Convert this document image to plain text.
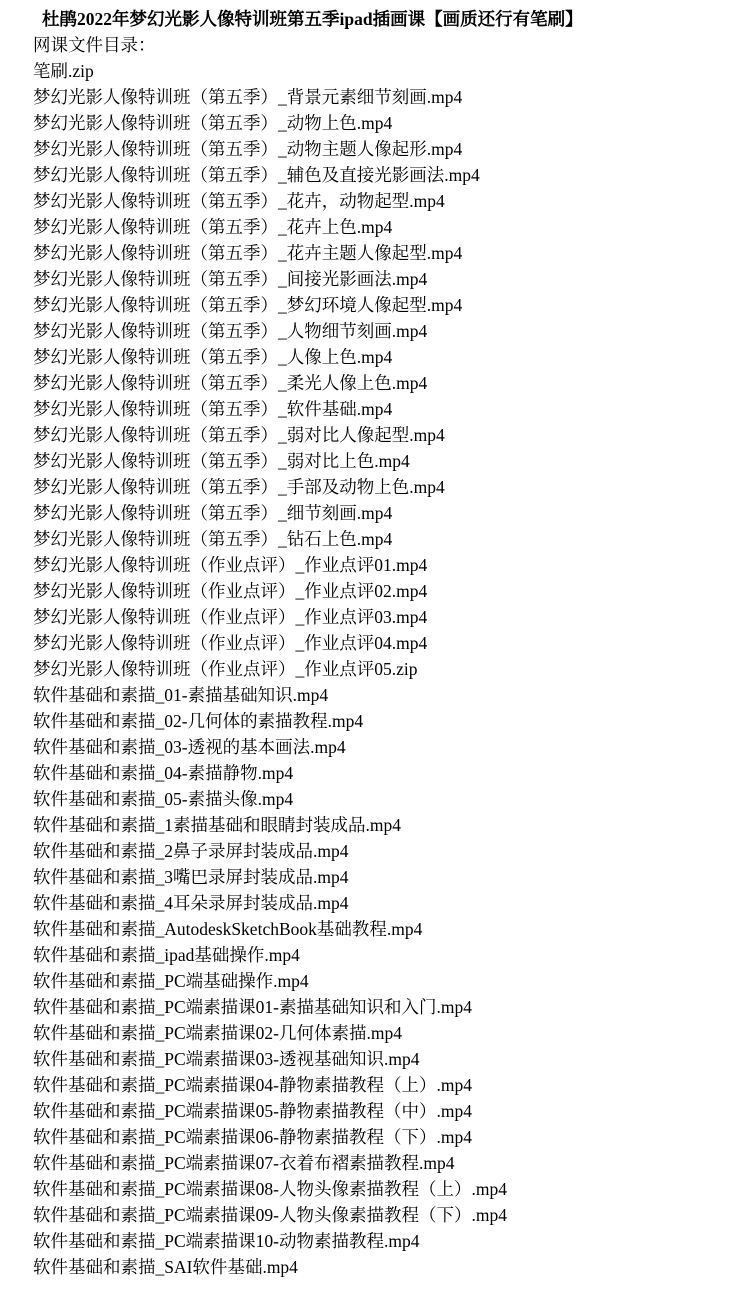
杜鹃2022年梦幻光影人像特训班第五季ipad插画课【画质还行有笔刷】
网课文件目录：
笔刷.zip
梦幻光影人像特训班（第五季）_背景元素细节刻画.mp4
梦幻光影人像特训班（第五季）_动物上色.mp4
梦幻光影人像特训班（第五季）_动物主题人像起形.mp4
梦幻光影人像特训班（第五季）_辅色及直接光影画法.mp4
梦幻光影人像特训班（第五季）_花卉，动物起型.mp4
梦幻光影人像特训班（第五季）_花卉上色.mp4
梦幻光影人像特训班（第五季）_花卉主题人像起型.mp4
梦幻光影人像特训班（第五季）_间接光影画法.mp4
梦幻光影人像特训班（第五季）_梦幻环境人像起型.mp4
梦幻光影人像特训班（第五季）_人物细节刻画.mp4
梦幻光影人像特训班（第五季）_人像上色.mp4
梦幻光影人像特训班（第五季）_柔光人像上色.mp4
梦幻光影人像特训班（第五季）_软件基础.mp4
梦幻光影人像特训班（第五季）_弱对比人像起型.mp4
梦幻光影人像特训班（第五季）_弱对比上色.mp4
梦幻光影人像特训班（第五季）_手部及动物上色.mp4
梦幻光影人像特训班（第五季）_细节刻画.mp4
梦幻光影人像特训班（第五季）_钻石上色.mp4
梦幻光影人像特训班（作业点评）_作业点评01.mp4
梦幻光影人像特训班（作业点评）_作业点评02.mp4
梦幻光影人像特训班（作业点评）_作业点评03.mp4
梦幻光影人像特训班（作业点评）_作业点评04.mp4
梦幻光影人像特训班（作业点评）_作业点评05.zip
软件基础和素描_01-素描基础知识.mp4
软件基础和素描_02-几何体的素描教程.mp4
软件基础和素描_03-透视的基本画法.mp4
软件基础和素描_04-素描静物.mp4
软件基础和素描_05-素描头像.mp4
软件基础和素描_1素描基础和眼睛封装成品.mp4
软件基础和素描_2鼻子录屏封装成品.mp4
软件基础和素描_3嘴巴录屏封装成品.mp4
软件基础和素描_4耳朵录屏封装成品.mp4
软件基础和素描_AutodeskSketchBook基础教程.mp4
软件基础和素描_ipad基础操作.mp4
软件基础和素描_PC端基础操作.mp4
软件基础和素描_PC端素描课01-素描基础知识和入门.mp4
软件基础和素描_PC端素描课02-几何体素描.mp4
软件基础和素描_PC端素描课03-透视基础知识.mp4
软件基础和素描_PC端素描课04-静物素描教程（上）.mp4
软件基础和素描_PC端素描课05-静物素描教程（中）.mp4
软件基础和素描_PC端素描课06-静物素描教程（下）.mp4
软件基础和素描_PC端素描课07-衣着布褶素描教程.mp4
软件基础和素描_PC端素描课08-人物头像素描教程（上）.mp4
软件基础和素描_PC端素描课09-人物头像素描教程（下）.mp4
软件基础和素描_PC端素描课10-动物素描教程.mp4
软件基础和素描_SAI软件基础.mp4
